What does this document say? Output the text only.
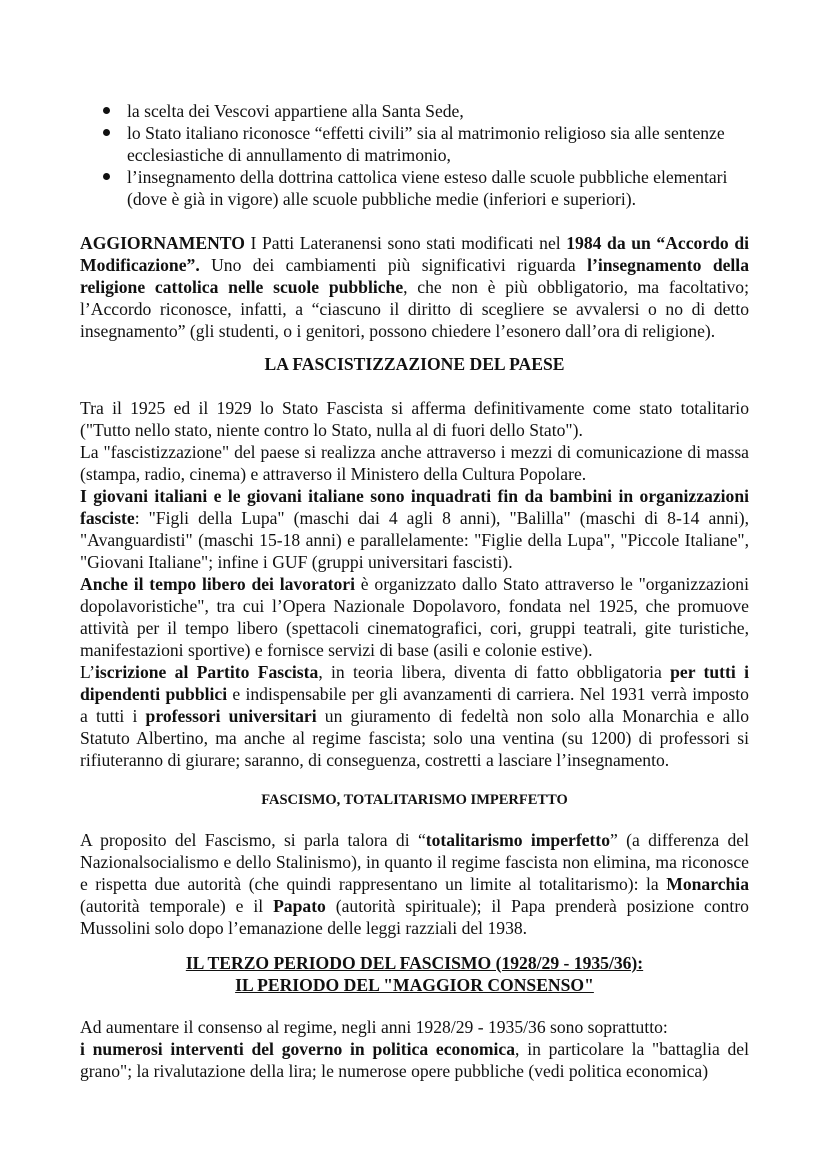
la scelta dei Vescovi appartiene alla Santa Sede,
lo Stato italiano riconosce “effetti civili” sia al matrimonio religioso sia alle sentenze ecclesiastiche di annullamento di matrimonio,
l’insegnamento della dottrina cattolica viene esteso dalle scuole pubbliche elementari (dove è già in vigore) alle scuole pubbliche medie (inferiori e superiori).

AGGIORNAMENTO I Patti Lateranensi sono stati modificati nel 1984 da un “Accordo di Modificazione”. Uno dei cambiamenti più significativi riguarda l’insegnamento della religione cattolica nelle scuole pubbliche, che non è più obbligatorio, ma facoltativo; l’Accordo riconosce, infatti, a “ciascuno il diritto di scegliere se avvalersi o no di detto insegnamento” (gli studenti, o i genitori, possono chiedere l’esonero dall’ora di religione).

LA FASCISTIZZAZIONE DEL PAESE

Tra il 1925 ed il 1929 lo Stato Fascista si afferma definitivamente come stato totalitario ("Tutto nello stato, niente contro lo Stato, nulla al di fuori dello Stato").

La "fascistizzazione" del paese si realizza anche attraverso i mezzi di comunicazione di massa (stampa, radio, cinema) e attraverso il Ministero della Cultura Popolare.

I giovani italiani e le giovani italiane sono inquadrati fin da bambini in organizzazioni fasciste: "Figli della Lupa" (maschi dai 4 agli 8 anni), "Balilla" (maschi di 8-14 anni), "Avanguardisti" (maschi 15-18 anni) e parallelamente: "Figlie della Lupa", "Piccole Italiane", "Giovani Italiane"; infine i GUF (gruppi universitari fascisti).

Anche il tempo libero dei lavoratori è organizzato dallo Stato attraverso le "organizzazioni dopolavoristiche", tra cui l’Opera Nazionale Dopolavoro, fondata nel 1925, che promuove attività per il tempo libero (spettacoli cinematografici, cori, gruppi teatrali, gite turistiche, manifestazioni sportive) e fornisce servizi di base (asili e colonie estive).

L’iscrizione al Partito Fascista, in teoria libera, diventa di fatto obbligatoria per tutti i dipendenti pubblici e indispensabile per gli avanzamenti di carriera. Nel 1931 verrà imposto a tutti i professori universitari un giuramento di fedeltà non solo alla Monarchia e allo Statuto Albertino, ma anche al regime fascista; solo una ventina (su 1200) di professori si rifiuteranno di giurare; saranno, di conseguenza, costretti a lasciare l’insegnamento.

FASCISMO, TOTALITARISMO IMPERFETTO

A proposito del Fascismo, si parla talora di “totalitarismo imperfetto” (a differenza del Nazionalsocialismo e dello Stalinismo), in quanto il regime fascista non elimina, ma riconosce e rispetta due autorità (che quindi rappresentano un limite al totalitarismo): la Monarchia (autorità temporale) e il Papato (autorità spirituale); il Papa prenderà posizione contro Mussolini solo dopo l’emanazione delle leggi razziali del 1938.

IL TERZO PERIODO DEL FASCISMO (1928/29 - 1935/36):
IL PERIODO DEL "MAGGIOR CONSENSO"

Ad aumentare il consenso al regime, negli anni 1928/29 - 1935/36 sono soprattutto:

i numerosi interventi del governo in politica economica, in particolare la "battaglia del grano"; la rivalutazione della lira; le numerose opere pubbliche (vedi politica economica)
